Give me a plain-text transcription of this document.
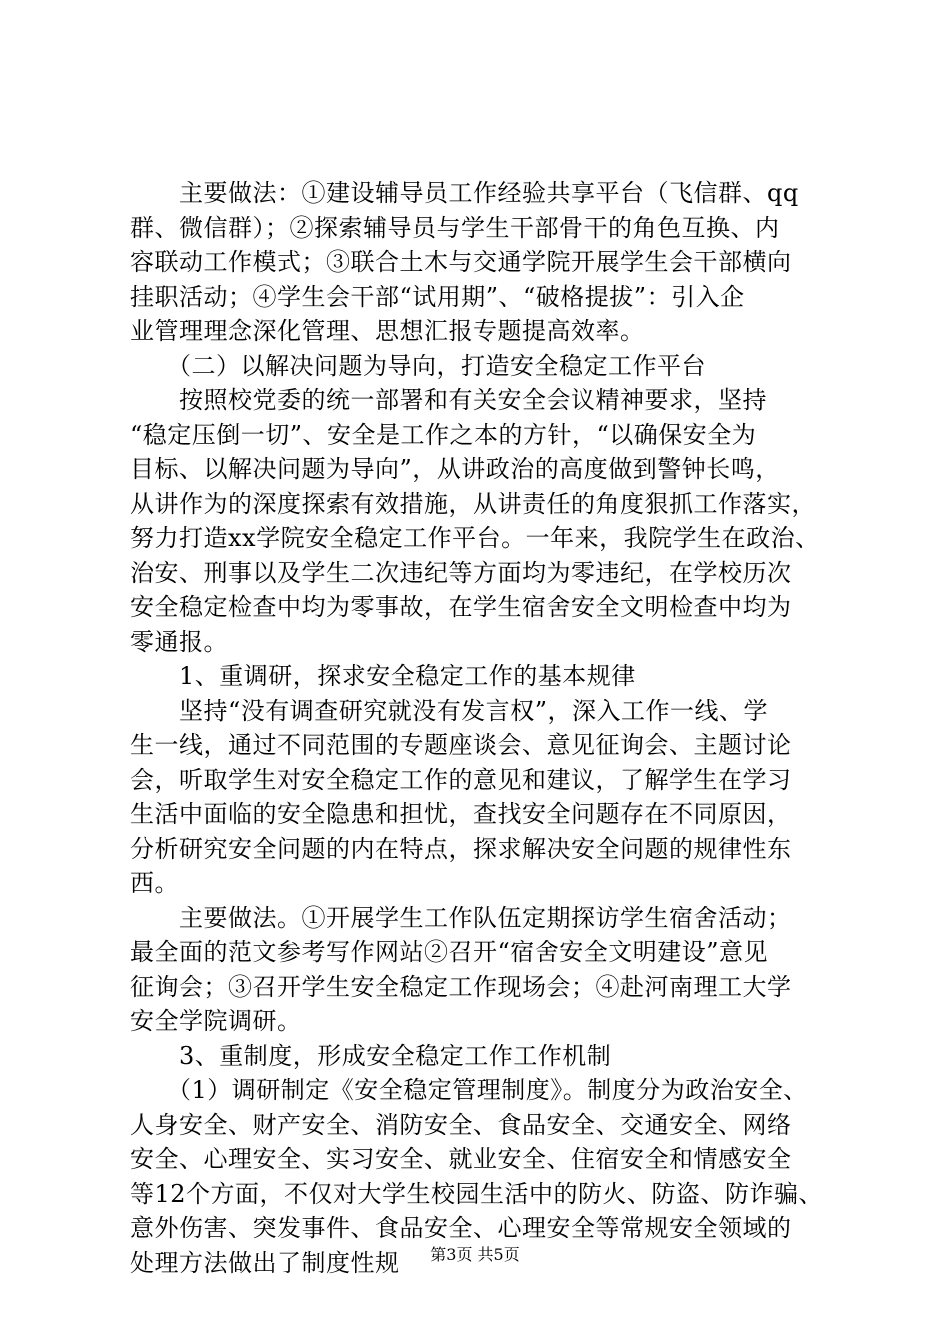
　　主要做法：①建设辅导员工作经验共享平台（飞信群、qq
群、微信群）；②探索辅导员与学生干部骨干的角色互换、内
容联动工作模式；③联合土木与交通学院开展学生会干部横向
挂职活动；④学生会干部“试用期”、“破格提拔”：引入企
业管理理念深化管理、思想汇报专题提高效率。
　　（二）以解决问题为导向，打造安全稳定工作平台
　　按照校党委的统一部署和有关安全会议精神要求，坚持
“稳定压倒一切”、安全是工作之本的方针，“以确保安全为
目标、以解决问题为导向”，从讲政治的高度做到警钟长鸣，
从讲作为的深度探索有效措施，从讲责任的角度狠抓工作落实，
努力打造xx学院安全稳定工作平台。一年来，我院学生在政治、
治安、刑事以及学生二次违纪等方面均为零违纪，在学校历次
安全稳定检查中均为零事故，在学生宿舍安全文明检查中均为
零通报。
　　1、重调研，探求安全稳定工作的基本规律
　　坚持“没有调查研究就没有发言权”，深入工作一线、学
生一线，通过不同范围的专题座谈会、意见征询会、主题讨论
会，听取学生对安全稳定工作的意见和建议，了解学生在学习
生活中面临的安全隐患和担忧，查找安全问题存在不同原因，
分析研究安全问题的内在特点，探求解决安全问题的规律性东
西。
　　主要做法。①开展学生工作队伍定期探访学生宿舍活动；
最全面的范文参考写作网站②召开“宿舍安全文明建设”意见
征询会；③召开学生安全稳定工作现场会；④赴河南理工大学
安全学院调研。
　　3、重制度，形成安全稳定工作工作机制
　　（1）调研制定《安全稳定管理制度》。制度分为政治安全、
人身安全、财产安全、消防安全、食品安全、交通安全、网络
安全、心理安全、实习安全、就业安全、住宿安全和情感安全
等12个方面，不仅对大学生校园生活中的防火、防盗、防诈骗、
意外伤害、突发事件、食品安全、心理安全等常规安全领域的
处理方法做出了制度性规	第3页 共5页
